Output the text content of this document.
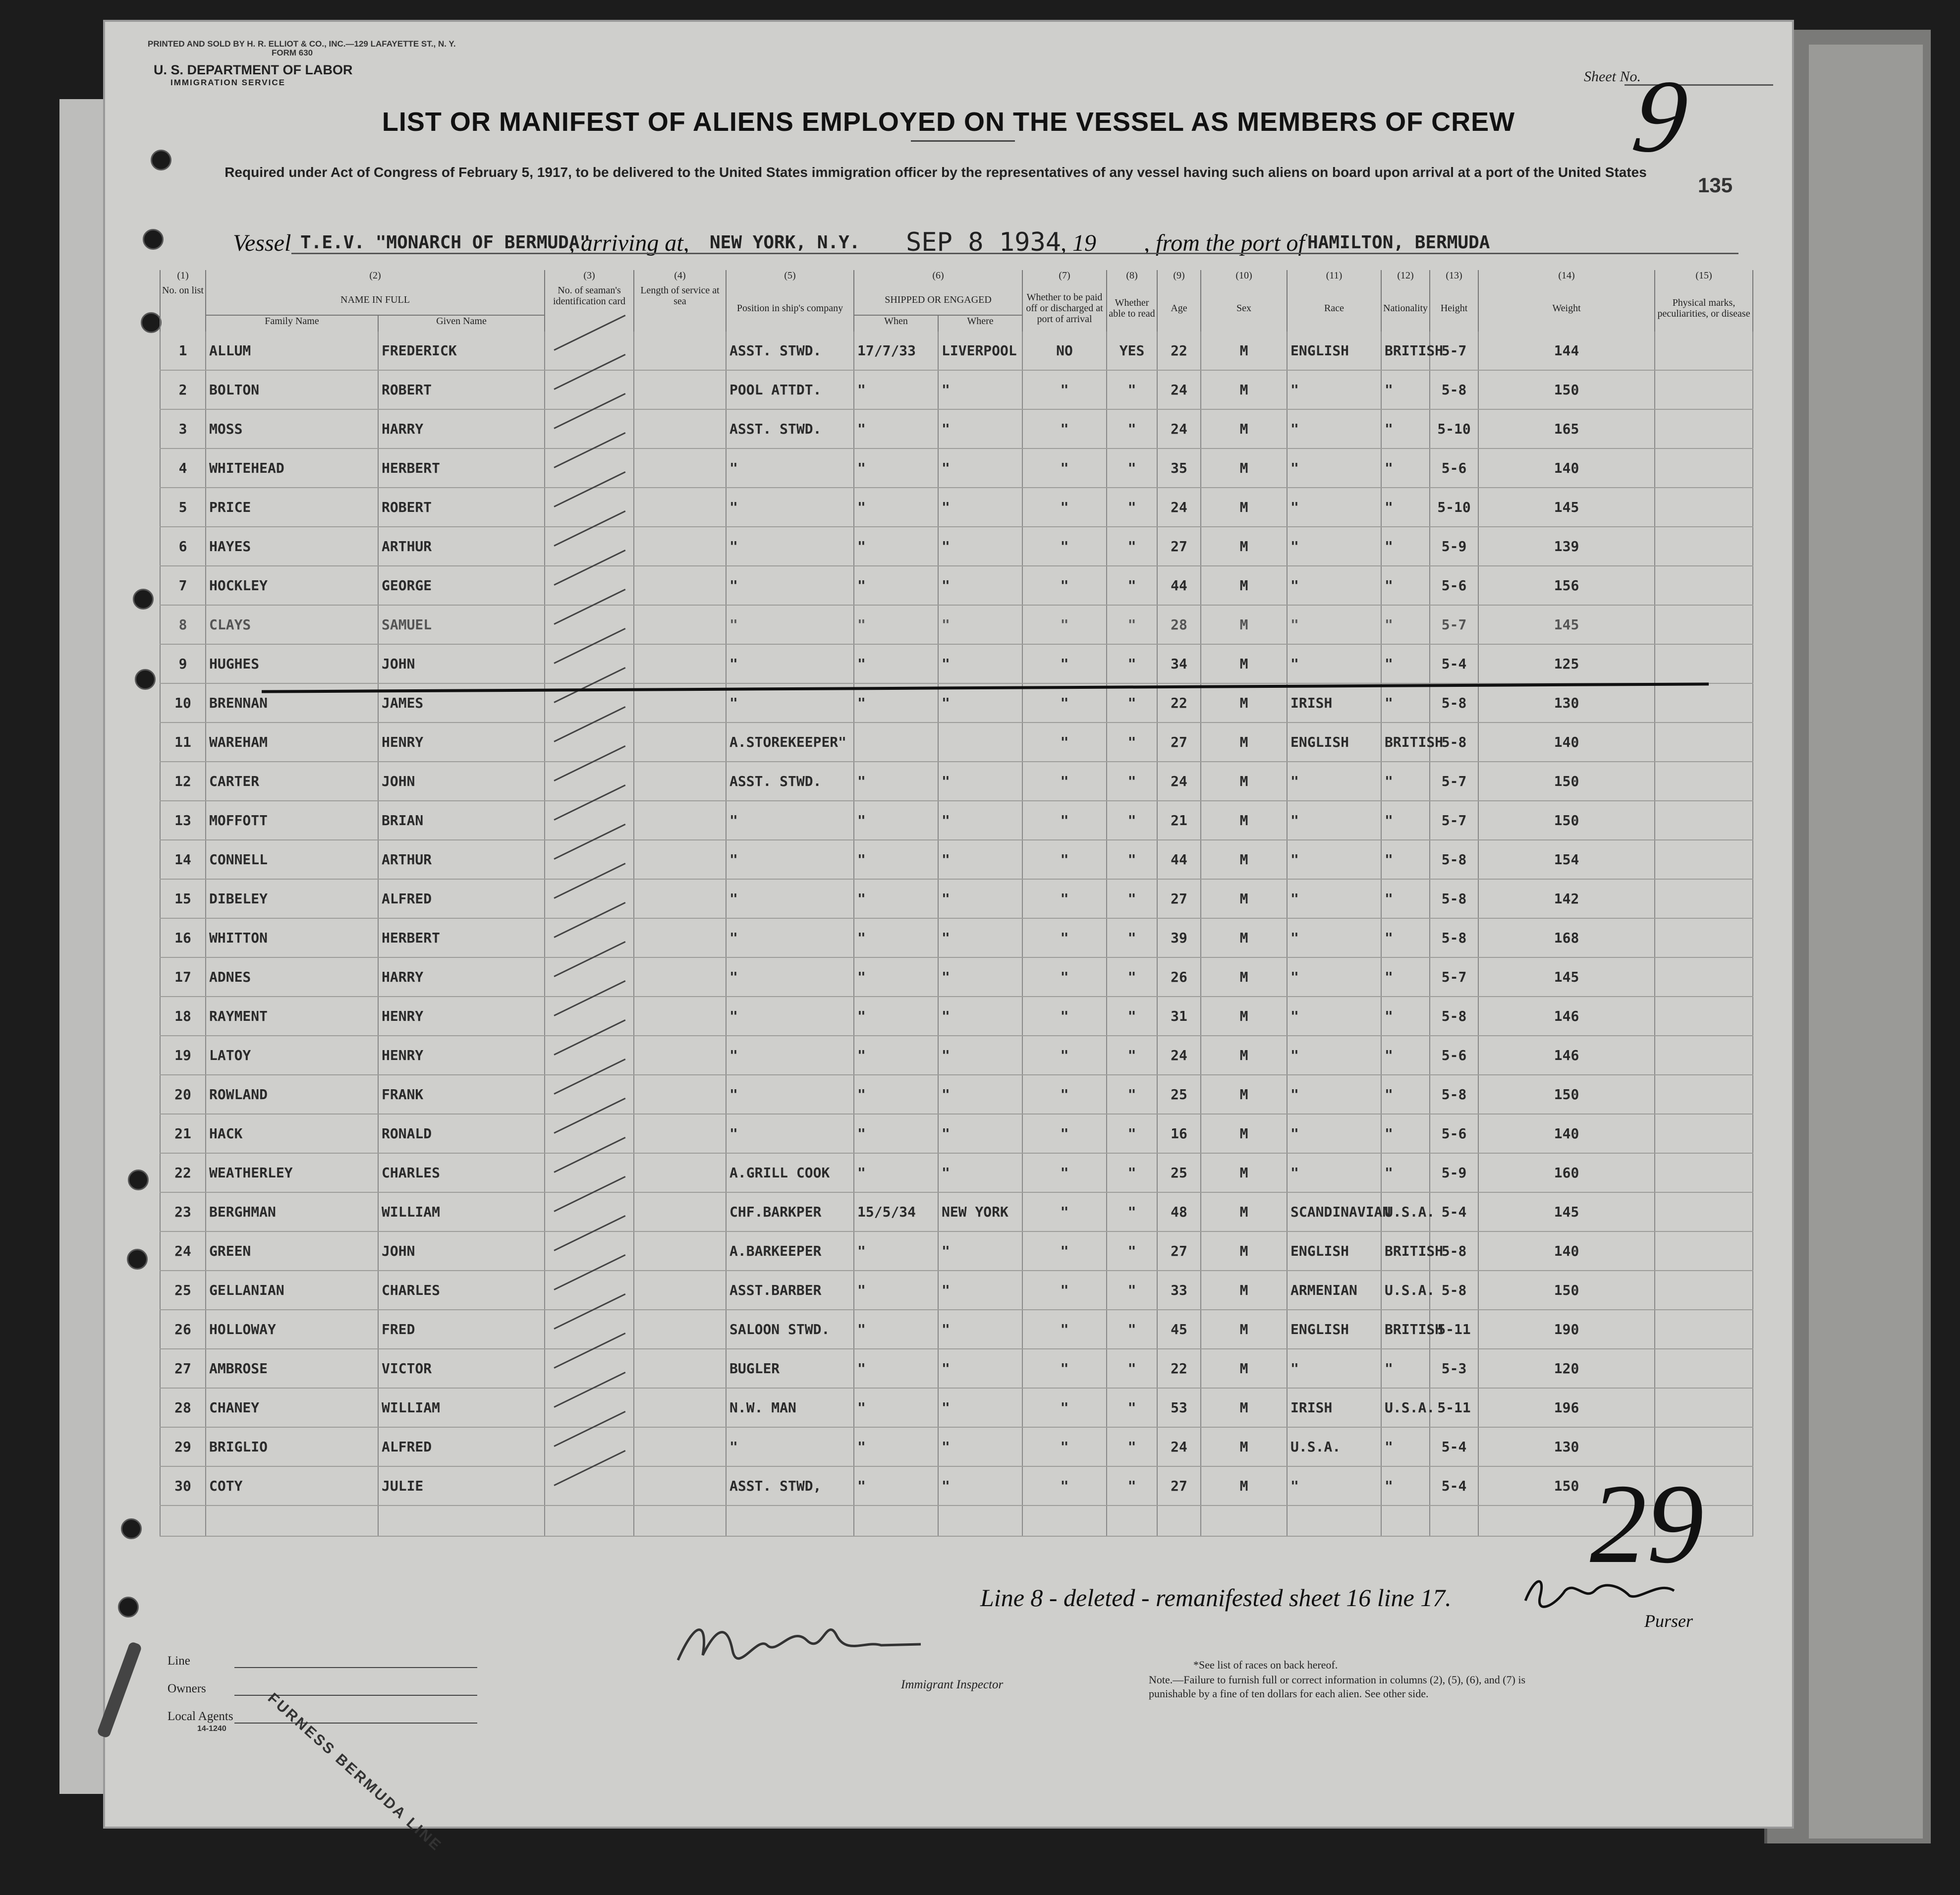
PRINTED AND SOLD BY H. R. ELLIOT & CO., INC.—129 LAFAYETTE ST., N. Y.
FORM 630
U. S. DEPARTMENT OF LABOR
IMMIGRATION SERVICE	Sheet No.
9
135
LIST OR MANIFEST OF ALIENS EMPLOYED ON THE VESSEL AS MEMBERS OF CREW
Required under Act of Congress of February 5, 1917, to be delivered to the United States immigration officer by the representatives of any vessel having such aliens on board upon arrival at a port of the United States
Vessel T.E.V. "MONARCH OF BERMUDA"
, arriving at, NEW YORK, N.Y. SEP 8 1934
, 19 , from the port of HAMILTON, BERMUDA
(1)	(2)		(3)	(4)	(5)	(6)		(7)	(8)	(9)	(10)	(11)	(12)	(13)	(14)	(15)
No. on list	NAME IN FULL		No. of seaman's identification card	Length of service at sea	Position in ship's company	SHIPPED OR ENGAGED		Whether to be paid off or discharged at port of arrival	Whether able to read	Age	Sex	Race	Nationality	Height	Weight	Physical marks, peculiarities, or disease
	Family Name	Given Name				When	Where									
1	ALLUM	FREDERICK			ASST. STWD.	17/7/33	LIVERPOOL	NO	YES	22	M	ENGLISH	BRITISH	5-7	144	
2	BOLTON	ROBERT			POOL ATTDT.	"	"	"	"	24	M	"	"	5-8	150	
3	MOSS	HARRY			ASST. STWD.	"	"	"	"	24	M	"	"	5-10	165	
4	WHITEHEAD	HERBERT			"	"	"	"	"	35	M	"	"	5-6	140	
5	PRICE	ROBERT			"	"	"	"	"	24	M	"	"	5-10	145	
6	HAYES	ARTHUR			"	"	"	"	"	27	M	"	"	5-9	139	
7	HOCKLEY	GEORGE			"	"	"	"	"	44	M	"	"	5-6	156	
8	CLAYS	SAMUEL			"	"	"	"	"	28	M	"	"	5-7	145	
9	HUGHES	JOHN			"	"	"	"	"	34	M	"	"	5-4	125	
10	BRENNAN	JAMES			"	"	"	"	"	22	M	IRISH	"	5-8	130	
11	WAREHAM	HENRY			A.STOREKEEPER"			"	"	27	M	ENGLISH	BRITISH	5-8	140	
12	CARTER	JOHN			ASST. STWD.	"	"	"	"	24	M	"	"	5-7	150	
13	MOFFOTT	BRIAN			"	"	"	"	"	21	M	"	"	5-7	150	
14	CONNELL	ARTHUR			"	"	"	"	"	44	M	"	"	5-8	154	
15	DIBELEY	ALFRED			"	"	"	"	"	27	M	"	"	5-8	142	
16	WHITTON	HERBERT			"	"	"	"	"	39	M	"	"	5-8	168	
17	ADNES	HARRY			"	"	"	"	"	26	M	"	"	5-7	145	
18	RAYMENT	HENRY			"	"	"	"	"	31	M	"	"	5-8	146	
19	LATOY	HENRY			"	"	"	"	"	24	M	"	"	5-6	146	
20	ROWLAND	FRANK			"	"	"	"	"	25	M	"	"	5-8	150	
21	HACK	RONALD			"	"	"	"	"	16	M	"	"	5-6	140	
22	WEATHERLEY	CHARLES			A.GRILL COOK	"	"	"	"	25	M	"	"	5-9	160	
23	BERGHMAN	WILLIAM			CHF.BARKPER	15/5/34	NEW YORK	"	"	48	M	SCANDINAVIAN	U.S.A.	5-4	145	
24	GREEN	JOHN			A.BARKEEPER	"	"	"	"	27	M	ENGLISH	BRITISH	5-8	140	
25	GELLANIAN	CHARLES			ASST.BARBER	"	"	"	"	33	M	ARMENIAN	U.S.A.	5-8	150	
26	HOLLOWAY	FRED			SALOON STWD.	"	"	"	"	45	M	ENGLISH	BRITISH	5-11	190	
27	AMBROSE	VICTOR			BUGLER	"	"	"	"	22	M	"	"	5-3	120	
28	CHANEY	WILLIAM			N.W. MAN	"	"	"	"	53	M	IRISH	U.S.A.	5-11	196	
29	BRIGLIO	ALFRED			"	"	"	"	"	24	M	U.S.A.	"	5-4	130	
30	COTY	JULIE			ASST. STWD,	"	"	"	"	27	M	"	"	5-4	150	
																29
Line 8 - deleted - remanifested sheet 16 line 17.
Purser
Line
Owners
Local Agents FURNESS BERMUDA LINE
14-1240
Immigrant Inspector
*See list of races on back hereof.
Note.—Failure to furnish full or correct information in columns (2), (5), (6), and (7) is punishable by a fine of ten dollars for each alien. See other side.
